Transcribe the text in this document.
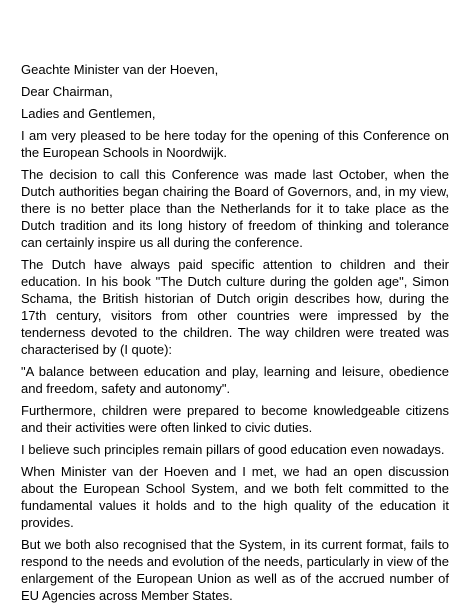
Geachte Minister van der Hoeven,

Dear Chairman,

Ladies and Gentlemen,

I am very pleased to be here today for the opening of this Conference on the European Schools in Noordwijk.

The decision to call this Conference was made last October, when the Dutch authorities began chairing the Board of Governors, and, in my view, there is no better place than the Netherlands for it to take place as the Dutch tradition and its long history of freedom of thinking and tolerance can certainly inspire us all during the conference.

The Dutch have always paid specific attention to children and their education. In his book "The Dutch culture during the golden age", Simon Schama, the British historian of Dutch origin describes how, during the 17th century, visitors from other countries were impressed by the tenderness devoted to the children. The way children were treated was characterised by (I quote):

"A balance between education and play, learning and leisure, obedience and freedom, safety and autonomy".

Furthermore, children were prepared to become knowledgeable citizens and their activities were often linked to civic duties.

I believe such principles remain pillars of good education even nowadays.

When Minister van der Hoeven and I met, we had an open discussion about the European School System, and we both felt committed to the fundamental values it holds and to the high quality of the education it provides.

But we both also recognised that the System, in its current format, fails to respond to the needs and evolution of the needs, particularly in view of the enlargement of the European Union as well as of the accrued number of EU Agencies across Member States.
